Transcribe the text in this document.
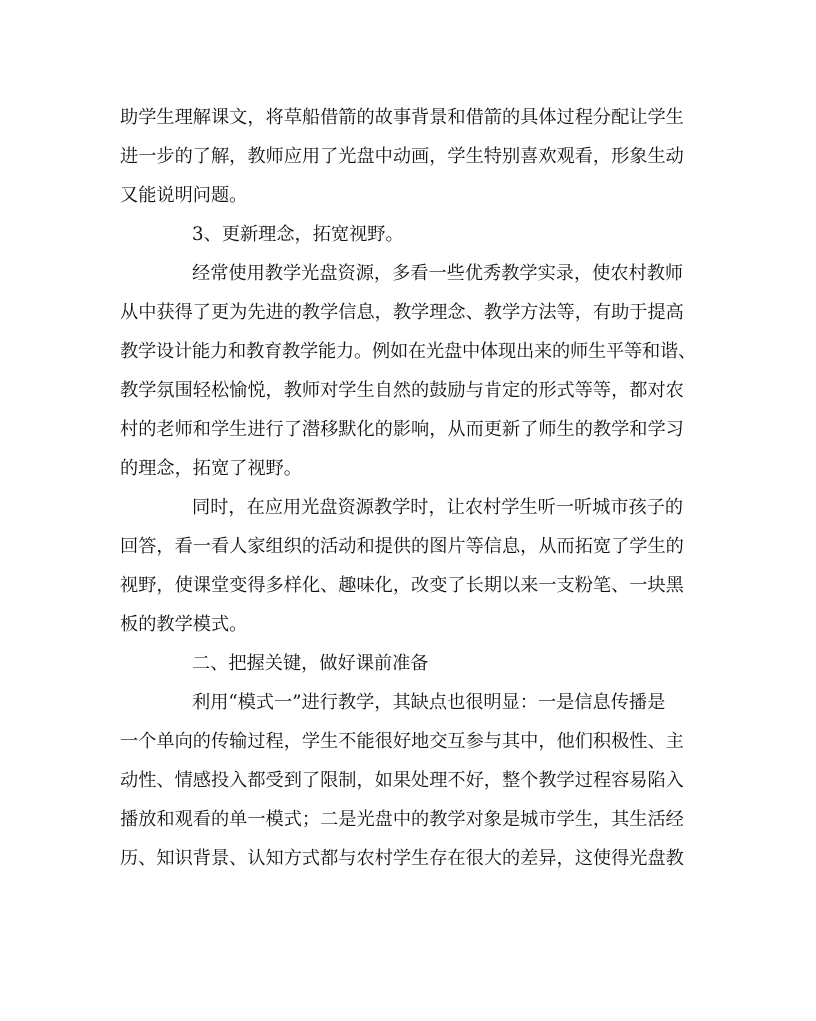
助学生理解课文，将草船借箭的故事背景和借箭的具体过程分配让学生
进一步的了解，教师应用了光盘中动画，学生特别喜欢观看，形象生动
又能说明问题。
3、更新理念，拓宽视野。
经常使用教学光盘资源，多看一些优秀教学实录，使农村教师
从中获得了更为先进的教学信息，教学理念、教学方法等，有助于提高
教学设计能力和教育教学能力。例如在光盘中体现出来的师生平等和谐、
教学氛围轻松愉悦，教师对学生自然的鼓励与肯定的形式等等，都对农
村的老师和学生进行了潜移默化的影响，从而更新了师生的教学和学习
的理念，拓宽了视野。
同时，在应用光盘资源教学时，让农村学生听一听城市孩子的
回答，看一看人家组织的活动和提供的图片等信息，从而拓宽了学生的
视野，使课堂变得多样化、趣味化，改变了长期以来一支粉笔、一块黑
板的教学模式。
二、把握关键，做好课前准备
利用“模式一”进行教学，其缺点也很明显：一是信息传播是
一个单向的传输过程，学生不能很好地交互参与其中，他们积极性、主
动性、情感投入都受到了限制，如果处理不好，整个教学过程容易陷入
播放和观看的单一模式；二是光盘中的教学对象是城市学生，其生活经
历、知识背景、认知方式都与农村学生存在很大的差异，这使得光盘教
